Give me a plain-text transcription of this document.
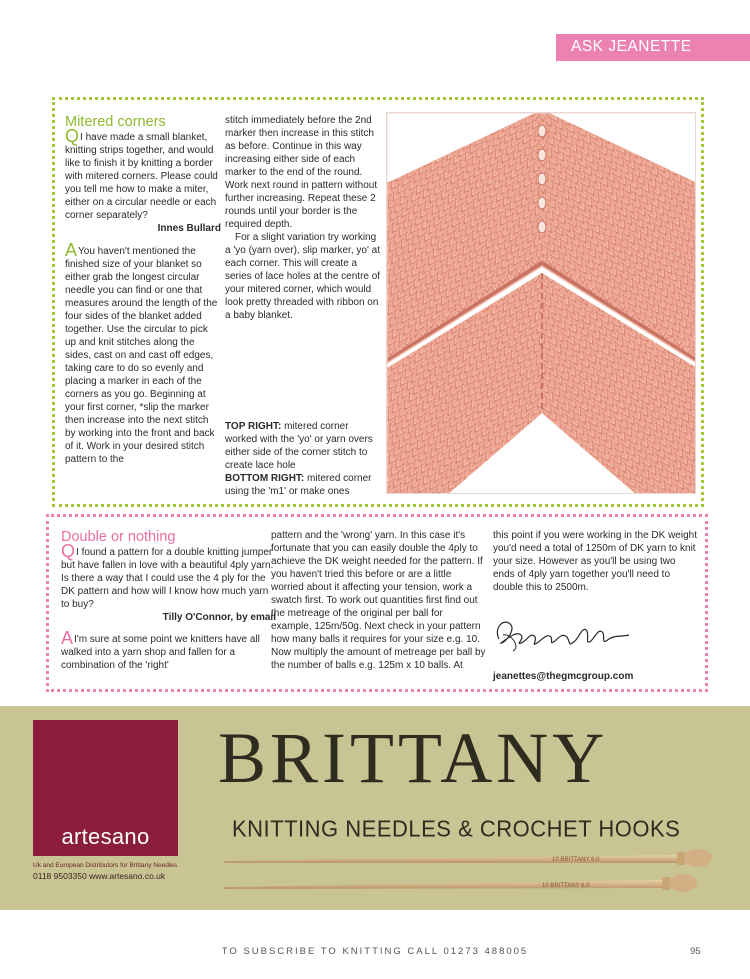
ASK JEANETTE
Mitered corners

QI have made a small blanket, knitting strips together, and would like to finish it by knitting a border with mitered corners. Please could you tell me how to make a miter, either on a circular needle or each corner separately?

Innes Bullard

AYou haven't mentioned the finished size of your blanket so either grab the longest circular needle you can find or one that measures around the length of the four sides of the blanket added together. Use the circular to pick up and knit stitches along the sides, cast on and cast off edges, taking care to do so evenly and placing a marker in each of the corners as you go. Beginning at your first corner, *slip the marker then increase into the next stitch by working into the front and back of it. Work in your desired stitch pattern to the

stitch immediately before the 2nd marker then increase in this stitch as before. Continue in this way increasing either side of each marker to the end of the round. Work next round in pattern without further increasing. Repeat these 2 rounds until your border is the required depth.

For a slight variation try working a 'yo (yarn over), slip marker, yo' at each corner. This will create a series of lace holes at the centre of your mitered corner, which would look pretty threaded with ribbon on a baby blanket.

TOP RIGHT: mitered corner worked with the 'yo' or yarn overs either side of the corner stitch to create lace hole

BOTTOM RIGHT: mitered corner using the 'm1' or make ones

Double or nothing

QI found a pattern for a double knitting jumper but have fallen in love with a beautiful 4ply yarn. Is there a way that I could use the 4 ply for the DK pattern and how will I know how much yarn to buy?

Tilly O'Connor, by email

AI'm sure at some point we knitters have all walked into a yarn shop and fallen for a combination of the 'right'

pattern and the 'wrong' yarn. In this case it's fortunate that you can easily double the 4ply to achieve the DK weight needed for the pattern. If you haven't tried this before or are a little worried about it affecting your tension, work a swatch first. To work out quantities first find out the metreage of the original per ball for example, 125m/50g. Next check in your pattern how many balls it requires for your size e.g. 10. Now multiply the amount of metreage per ball by the number of balls e.g. 125m x 10 balls. At

this point if you were working in the DK weight you'd need a total of 1250m of DK yarn to knit your size. However as you'll be using two ends of 4ply yarn together you'll need to double this to 2500m.

jeanettes@thegmcgroup.com
artesano
BRITTANY
KNITTING NEEDLES & CROCHET HOOKS
Uk and European Distributors for Brittany Needles
0118 9503350 www.artesano.co.uk
10 BRITTANY 6.0
10 BRITTANY 6.0
TO SUBSCRIBE TO KNITTING CALL 01273 488005	95
